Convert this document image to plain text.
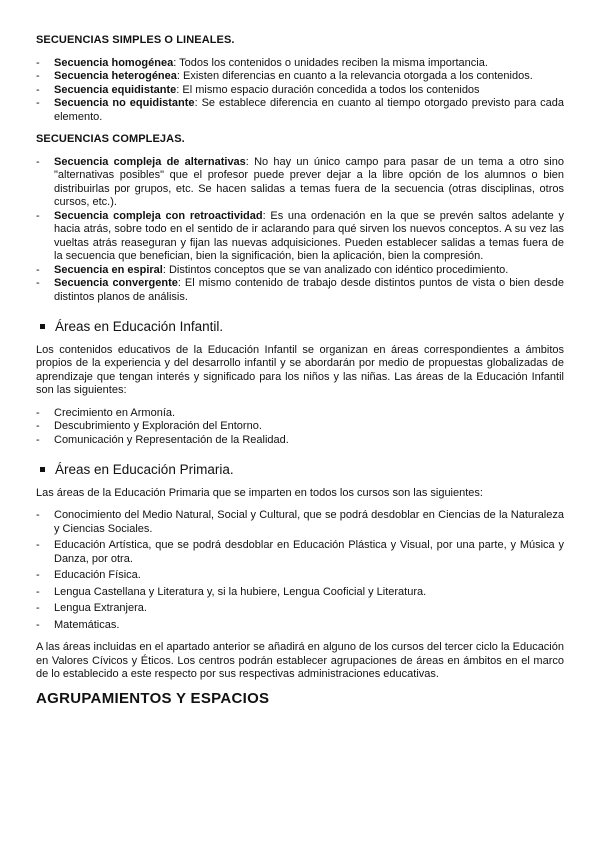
SECUENCIAS SIMPLES O LINEALES.
- Secuencia homogénea: Todos los contenidos o unidades reciben la misma importancia.
- Secuencia heterogénea: Existen diferencias en cuanto a la relevancia otorgada a los contenidos.
- Secuencia equidistante: El mismo espacio duración concedida a todos los contenidos
- Secuencia no equidistante: Se establece diferencia en cuanto al tiempo otorgado previsto para cada elemento.
SECUENCIAS COMPLEJAS.
- Secuencia compleja de alternativas: No hay un único campo para pasar de un tema a otro sino "alternativas posibles" que el profesor puede prever dejar a la libre opción de los alumnos o bien distribuirlas por grupos, etc. Se hacen salidas a temas fuera de la secuencia (otras disciplinas, otros cursos, etc.).
- Secuencia compleja con retroactividad: Es una ordenación en la que se prevén saltos adelante y hacia atrás, sobre todo en el sentido de ir aclarando para qué sirven los nuevos conceptos. A su vez las vueltas atrás reaseguran y fijan las nuevas adquisiciones. Pueden establecer salidas a temas fuera de la secuencia que benefician, bien la significación, bien la aplicación, bien la compresión.
- Secuencia en espiral: Distintos conceptos que se van analizado con idéntico procedimiento.
- Secuencia convergente: El mismo contenido de trabajo desde distintos puntos de vista o bien desde distintos planos de análisis.
Áreas en Educación Infantil.

Los contenidos educativos de la Educación Infantil se organizan en áreas correspondientes a ámbitos propios de la experiencia y del desarrollo infantil y se abordarán por medio de propuestas globalizadas de aprendizaje que tengan interés y significado para los niños y las niñas. Las áreas de la Educación Infantil son las siguientes:

- Crecimiento en Armonía.
- Descubrimiento y Exploración del Entorno.
- Comunicación y Representación de la Realidad.
Áreas en Educación Primaria.

Las áreas de la Educación Primaria que se imparten en todos los cursos son las siguientes:

- Conocimiento del Medio Natural, Social y Cultural, que se podrá desdoblar en Ciencias de la Naturaleza y Ciencias Sociales.
- Educación Artística, que se podrá desdoblar en Educación Plástica y Visual, por una parte, y Música y Danza, por otra.
- Educación Física.
- Lengua Castellana y Literatura y, si la hubiere, Lengua Cooficial y Literatura.
- Lengua Extranjera.
- Matemáticas.

A las áreas incluidas en el apartado anterior se añadirá en alguno de los cursos del tercer ciclo la Educación en Valores Cívicos y Éticos. Los centros podrán establecer agrupaciones de áreas en ámbitos en el marco de lo establecido a este respecto por sus respectivas administraciones educativas.

AGRUPAMIENTOS Y ESPACIOS
